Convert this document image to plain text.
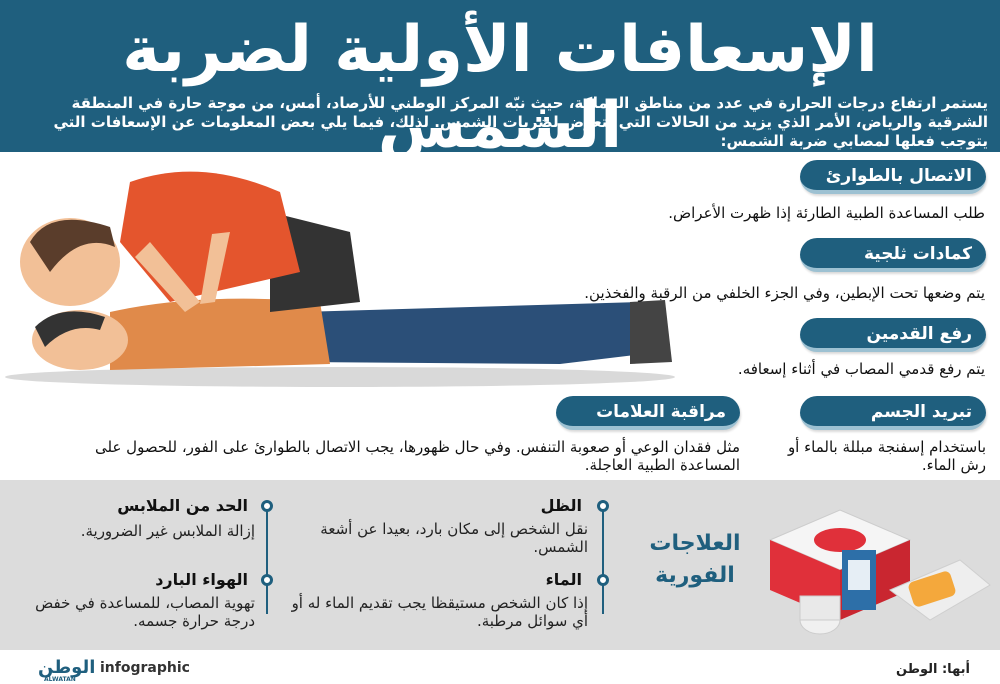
الإسعافات الأولية لضربة الشمس
يستمر ارتفاع درجات الحرارة في عدد من مناطق المملكة، حيث نبّه المركز الوطني للأرصاد، أمس، من موجة حارة في المنطقة الشرقية والرياض، الأمر الذي يزيد من الحالات التي تتعرض لضربات الشمس. لذلك، فيما يلي بعض المعلومات عن الإسعافات التي يتوجب فعلها لمصابي ضربة الشمس:
الاتصال بالطوارئ
طلب المساعدة الطبية الطارئة إذا ظهرت الأعراض.
كمادات ثلجية
يتم وضعها تحت الإبطين، وفي الجزء الخلفي من الرقبة والفخذين.
رفع القدمين
يتم رفع قدمي المصاب في أثناء إسعافه.
تبريد الجسم
باستخدام إسفنجة مبللة بالماء أو رش الماء.
مراقبة العلامات
مثل فقدان الوعي أو صعوبة التنفس. وفي حال ظهورها، يجب الاتصال بالطوارئ على الفور، للحصول على المساعدة الطبية العاجلة.
الظل
نقل الشخص إلى مكان بارد، بعيدا عن أشعة الشمس.
الماء
إذا كان الشخص مستيقظا يجب تقديم الماء له أو أي سوائل مرطبة.
الحد من الملابس
إزالة الملابس غير الضرورية.
الهواء البارد
تهوية المصاب، للمساعدة في خفض درجة حرارة جسمه.
العلاجات
الفورية
infographic
الوطن
ALWATAN
أبها: الوطن
